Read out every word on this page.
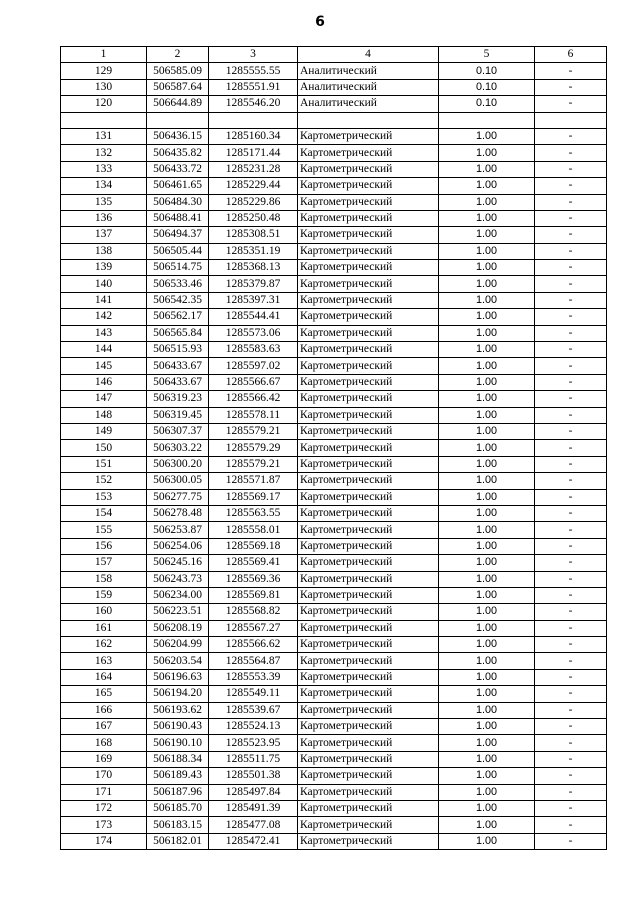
6
1	2	3	4	5	6
129	506585.09	1285555.55	Аналитический	0.10	-
130	506587.64	1285551.91	Аналитический	0.10	-
120	506644.89	1285546.20	Аналитический	0.10	-

131	506436.15	1285160.34	Картометрический	1.00	-
132	506435.82	1285171.44	Картометрический	1.00	-
133	506433.72	1285231.28	Картометрический	1.00	-
134	506461.65	1285229.44	Картометрический	1.00	-
135	506484.30	1285229.86	Картометрический	1.00	-
136	506488.41	1285250.48	Картометрический	1.00	-
137	506494.37	1285308.51	Картометрический	1.00	-
138	506505.44	1285351.19	Картометрический	1.00	-
139	506514.75	1285368.13	Картометрический	1.00	-
140	506533.46	1285379.87	Картометрический	1.00	-
141	506542.35	1285397.31	Картометрический	1.00	-
142	506562.17	1285544.41	Картометрический	1.00	-
143	506565.84	1285573.06	Картометрический	1.00	-
144	506515.93	1285583.63	Картометрический	1.00	-
145	506433.67	1285597.02	Картометрический	1.00	-
146	506433.67	1285566.67	Картометрический	1.00	-
147	506319.23	1285566.42	Картометрический	1.00	-
148	506319.45	1285578.11	Картометрический	1.00	-
149	506307.37	1285579.21	Картометрический	1.00	-
150	506303.22	1285579.29	Картометрический	1.00	-
151	506300.20	1285579.21	Картометрический	1.00	-
152	506300.05	1285571.87	Картометрический	1.00	-
153	506277.75	1285569.17	Картометрический	1.00	-
154	506278.48	1285563.55	Картометрический	1.00	-
155	506253.87	1285558.01	Картометрический	1.00	-
156	506254.06	1285569.18	Картометрический	1.00	-
157	506245.16	1285569.41	Картометрический	1.00	-
158	506243.73	1285569.36	Картометрический	1.00	-
159	506234.00	1285569.81	Картометрический	1.00	-
160	506223.51	1285568.82	Картометрический	1.00	-
161	506208.19	1285567.27	Картометрический	1.00	-
162	506204.99	1285566.62	Картометрический	1.00	-
163	506203.54	1285564.87	Картометрический	1.00	-
164	506196.63	1285553.39	Картометрический	1.00	-
165	506194.20	1285549.11	Картометрический	1.00	-
166	506193.62	1285539.67	Картометрический	1.00	-
167	506190.43	1285524.13	Картометрический	1.00	-
168	506190.10	1285523.95	Картометрический	1.00	-
169	506188.34	1285511.75	Картометрический	1.00	-
170	506189.43	1285501.38	Картометрический	1.00	-
171	506187.96	1285497.84	Картометрический	1.00	-
172	506185.70	1285491.39	Картометрический	1.00	-
173	506183.15	1285477.08	Картометрический	1.00	-
174	506182.01	1285472.41	Картометрический	1.00	-
